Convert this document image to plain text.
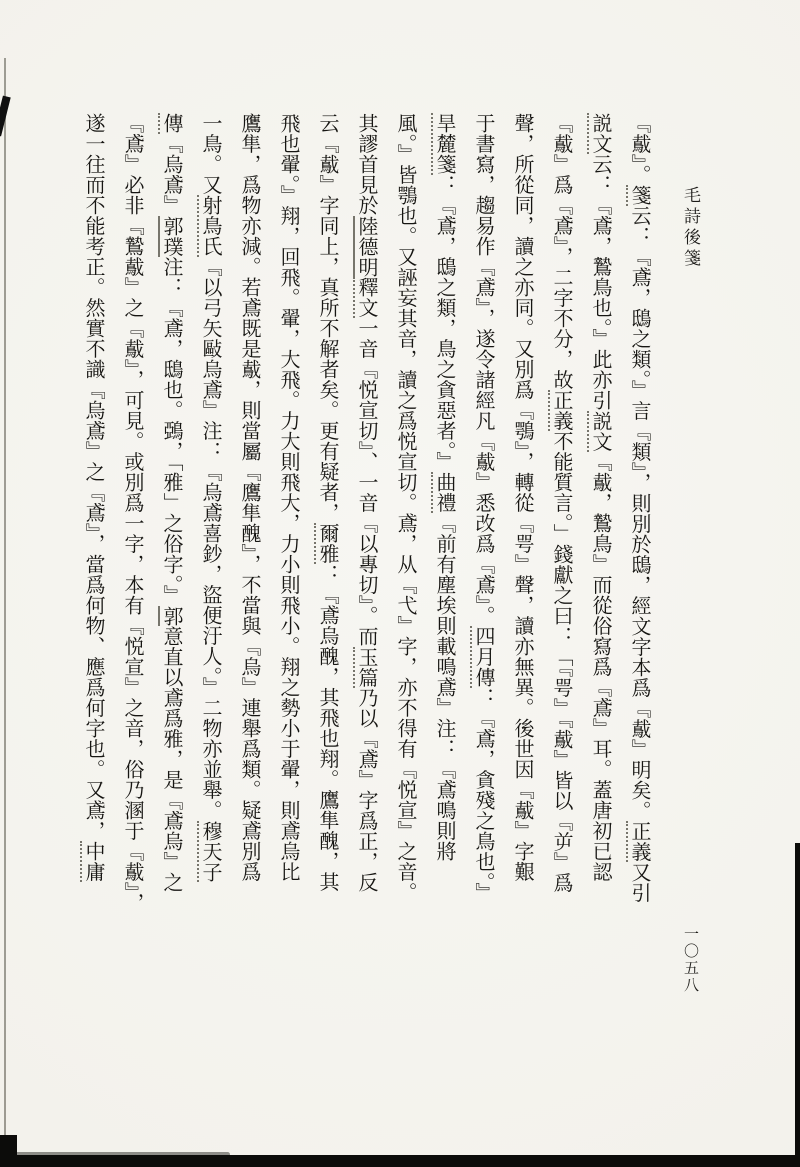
毛詩後箋
『䳒』。箋云：『鳶，鴟之類。』言『類』，則別於鴟，經文字本爲『䳒』明矣。正義又引
説文云：『鳶，鷙鳥也。』此亦引説文『䳒，鷙鳥』而從俗寫爲『鳶』耳。蓋唐初已認
『䳒』爲『鳶』，二字不分，故正義不能質言。」錢獻之曰：「『咢』『䳒』皆以『屰』爲
聲，所從同，讀之亦同。又別爲『鶚』，轉從『咢』聲，讀亦無異。後世因『䳒』字艱
于書寫，趨易作『鳶』，遂令諸經凡『䳒』悉改爲『鳶』。四月傳：『鳶，貪殘之鳥也。』
旱麓箋：『鳶，鴟之類，鳥之貪惡者。』曲禮『前有塵埃則載鳴鳶』注：『鳶鳴則將
風。』皆鶚也。又誣妄其音，讀之爲悦宣切。鳶，从『弋』字，亦不得有『悦宣』之音。
其謬首見於陸德明釋文一音『悦宣切』、一音『以專切』。而玉篇乃以『鳶』字爲正，反
云『䳒』字同上，真所不解者矣。更有疑者，爾雅：『鳶烏醜，其飛也翔。鷹隼醜，其
飛也翬。』翔，回飛。翬，大飛。力大則飛大，力小則飛小。翔之勢小于翬，則鳶烏比
鷹隼，爲物亦減。若鳶既是䳒，則當屬『鷹隼醜』，不當與『烏』連舉爲類。疑鳶別爲
一鳥。又射鳥氏『以弓矢敺烏鳶』注：『烏鳶喜鈔，盜便汙人。』二物亦並舉。穆天子
傳『烏鳶』郭璞注：『鳶，鴟也。鵶，「雅」之俗字。』郭意直以鳶爲雅，是『鳶烏』之
『鳶』必非『鷙䳒』之『䳒』，可見。或別爲一字，本有『悦宣』之音，俗乃溷于『䳒』，
遂一往而不能考正。然實不識『烏鳶』之『鳶』，當爲何物、應爲何字也。又鳶，中庸
一〇五八
